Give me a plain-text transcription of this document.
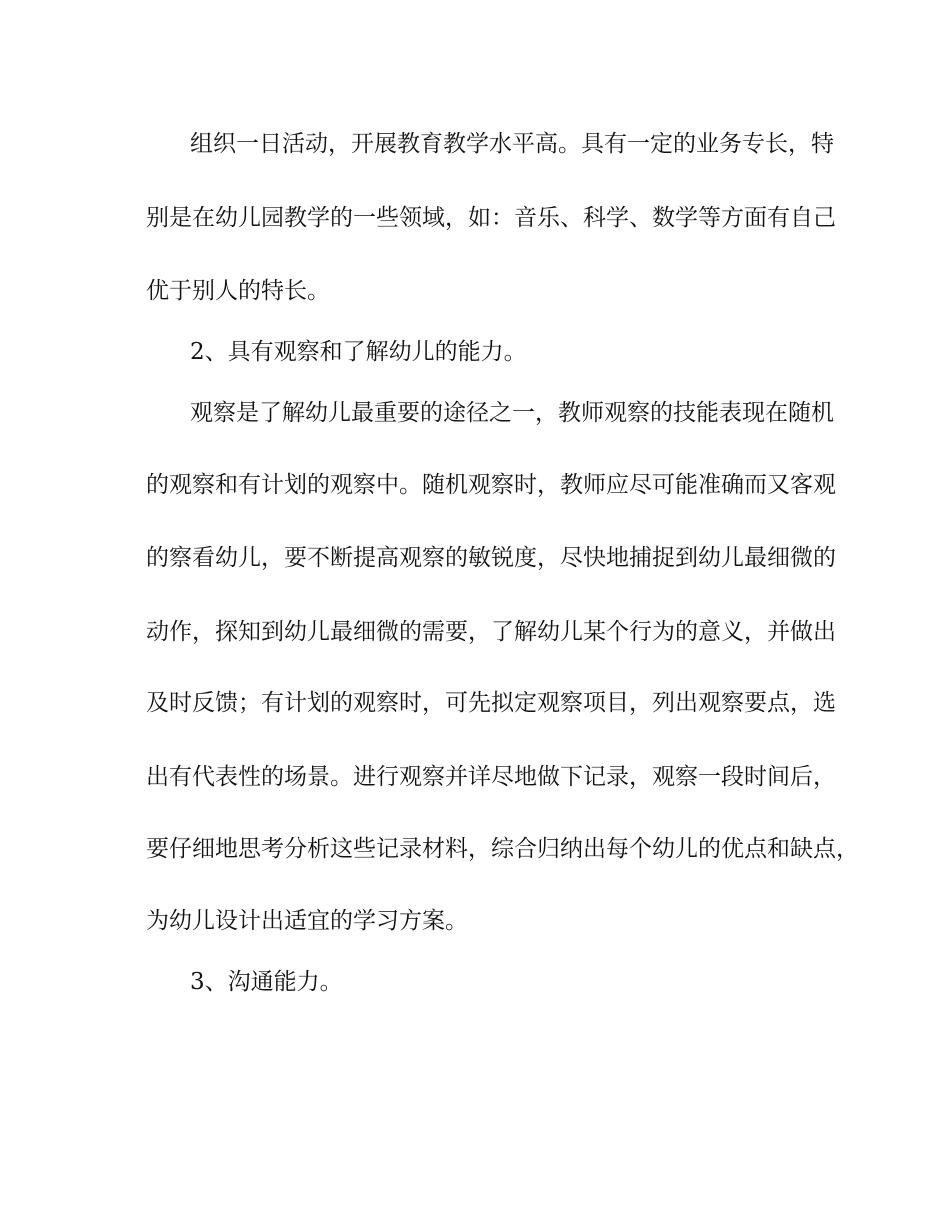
组织一日活动，开展教育教学水平高。具有一定的业务专长，特
别是在幼儿园教学的一些领域，如：音乐、科学、数学等方面有自己
优于别人的特长。
2、具有观察和了解幼儿的能力。
观察是了解幼儿最重要的途径之一，教师观察的技能表现在随机
的观察和有计划的观察中。随机观察时，教师应尽可能准确而又客观
的察看幼儿，要不断提高观察的敏锐度，尽快地捕捉到幼儿最细微的
动作，探知到幼儿最细微的需要，了解幼儿某个行为的意义，并做出
及时反馈；有计划的观察时，可先拟定观察项目，列出观察要点，选
出有代表性的场景。进行观察并详尽地做下记录，观察一段时间后，
要仔细地思考分析这些记录材料，综合归纳出每个幼儿的优点和缺点，
为幼儿设计出适宜的学习方案。
3、沟通能力。
